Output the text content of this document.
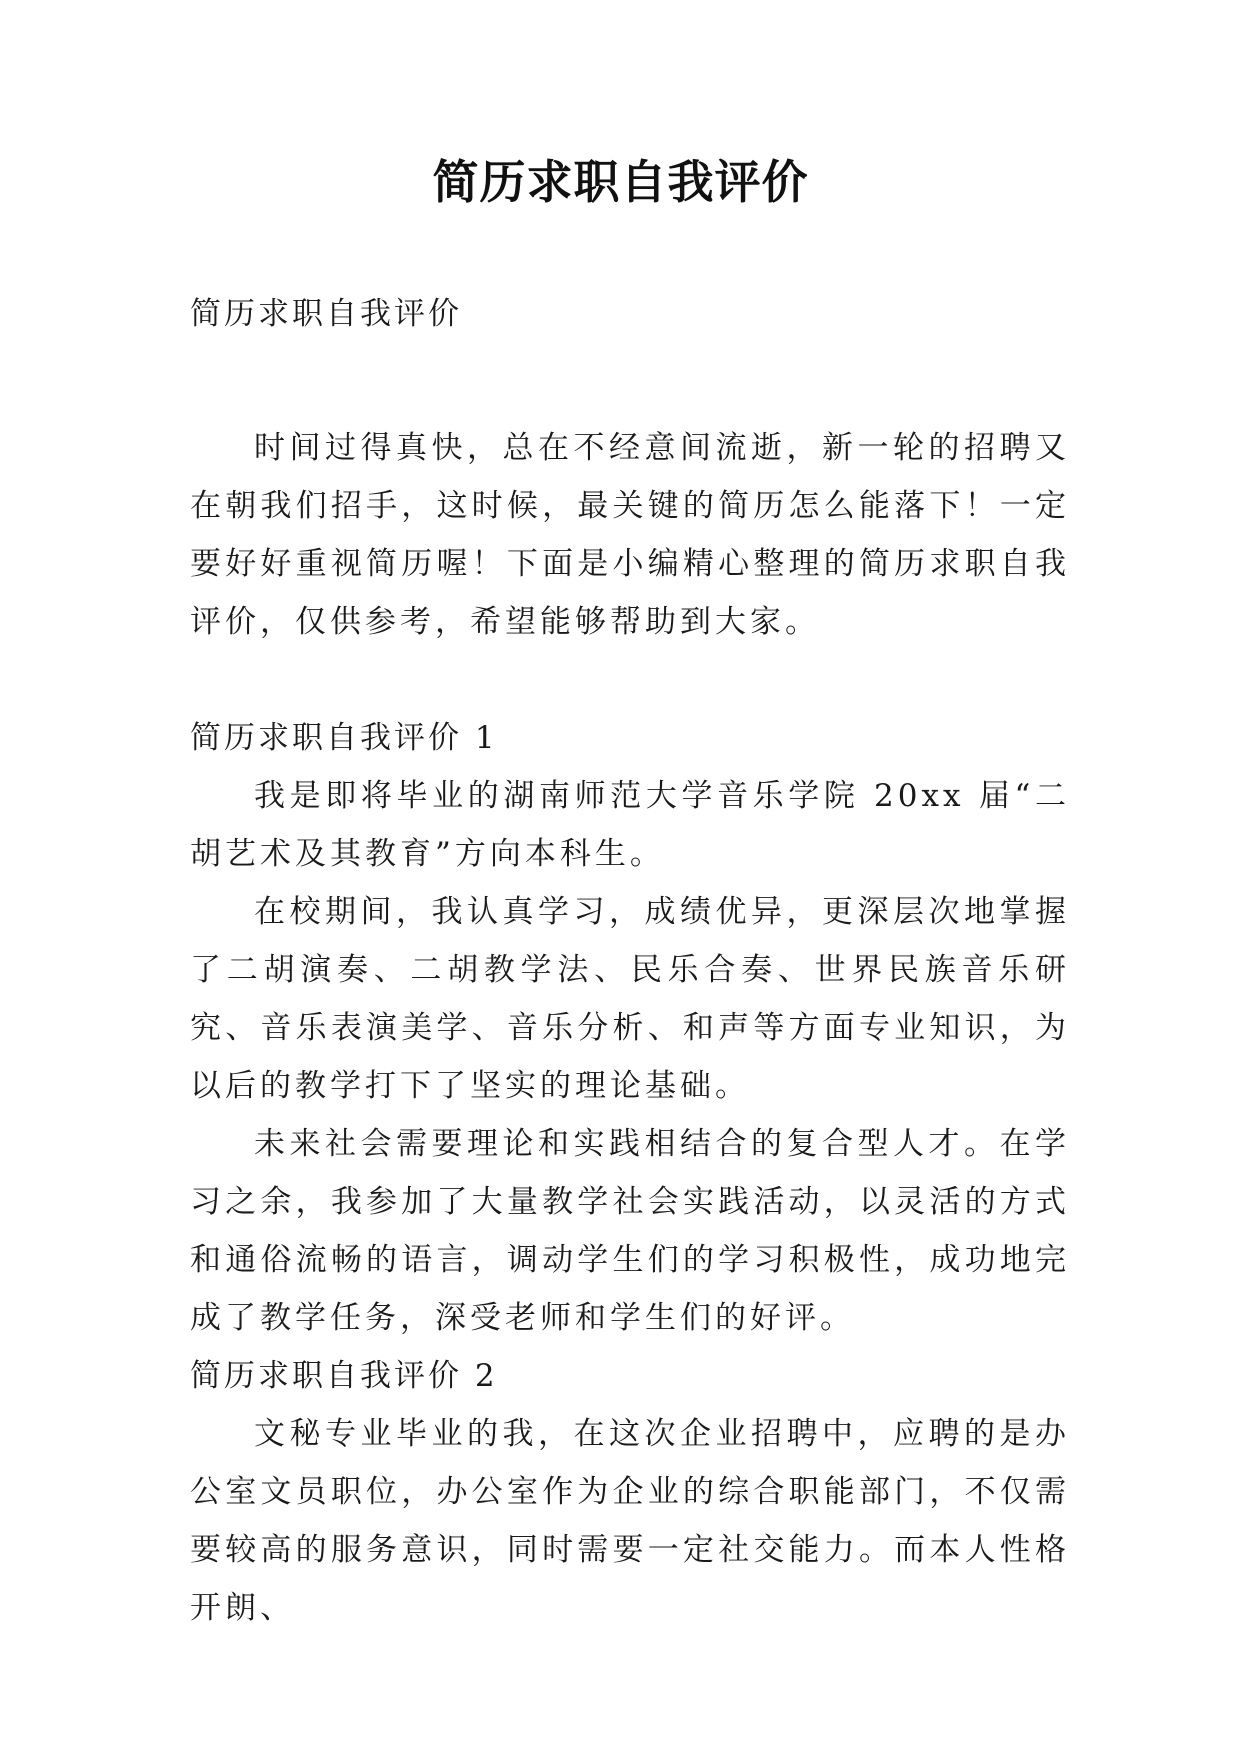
简历求职自我评价

简历求职自我评价

时间过得真快，总在不经意间流逝，新一轮的招聘又在朝我们招手，这时候，最关键的简历怎么能落下！一定要好好重视简历喔！下面是小编精心整理的简历求职自我评价，仅供参考，希望能够帮助到大家。

简历求职自我评价 1

我是即将毕业的湖南师范大学音乐学院 20xx 届“二胡艺术及其教育”方向本科生。

在校期间，我认真学习，成绩优异，更深层次地掌握了二胡演奏、二胡教学法、民乐合奏、世界民族音乐研究、音乐表演美学、音乐分析、和声等方面专业知识，为以后的教学打下了坚实的理论基础。

未来社会需要理论和实践相结合的复合型人才。在学习之余，我参加了大量教学社会实践活动，以灵活的方式和通俗流畅的语言，调动学生们的学习积极性，成功地完成了教学任务，深受老师和学生们的好评。

简历求职自我评价 2

文秘专业毕业的我，在这次企业招聘中，应聘的是办公室文员职位，办公室作为企业的综合职能部门，不仅需要较高的服务意识，同时需要一定社交能力。而本人性格开朗、
